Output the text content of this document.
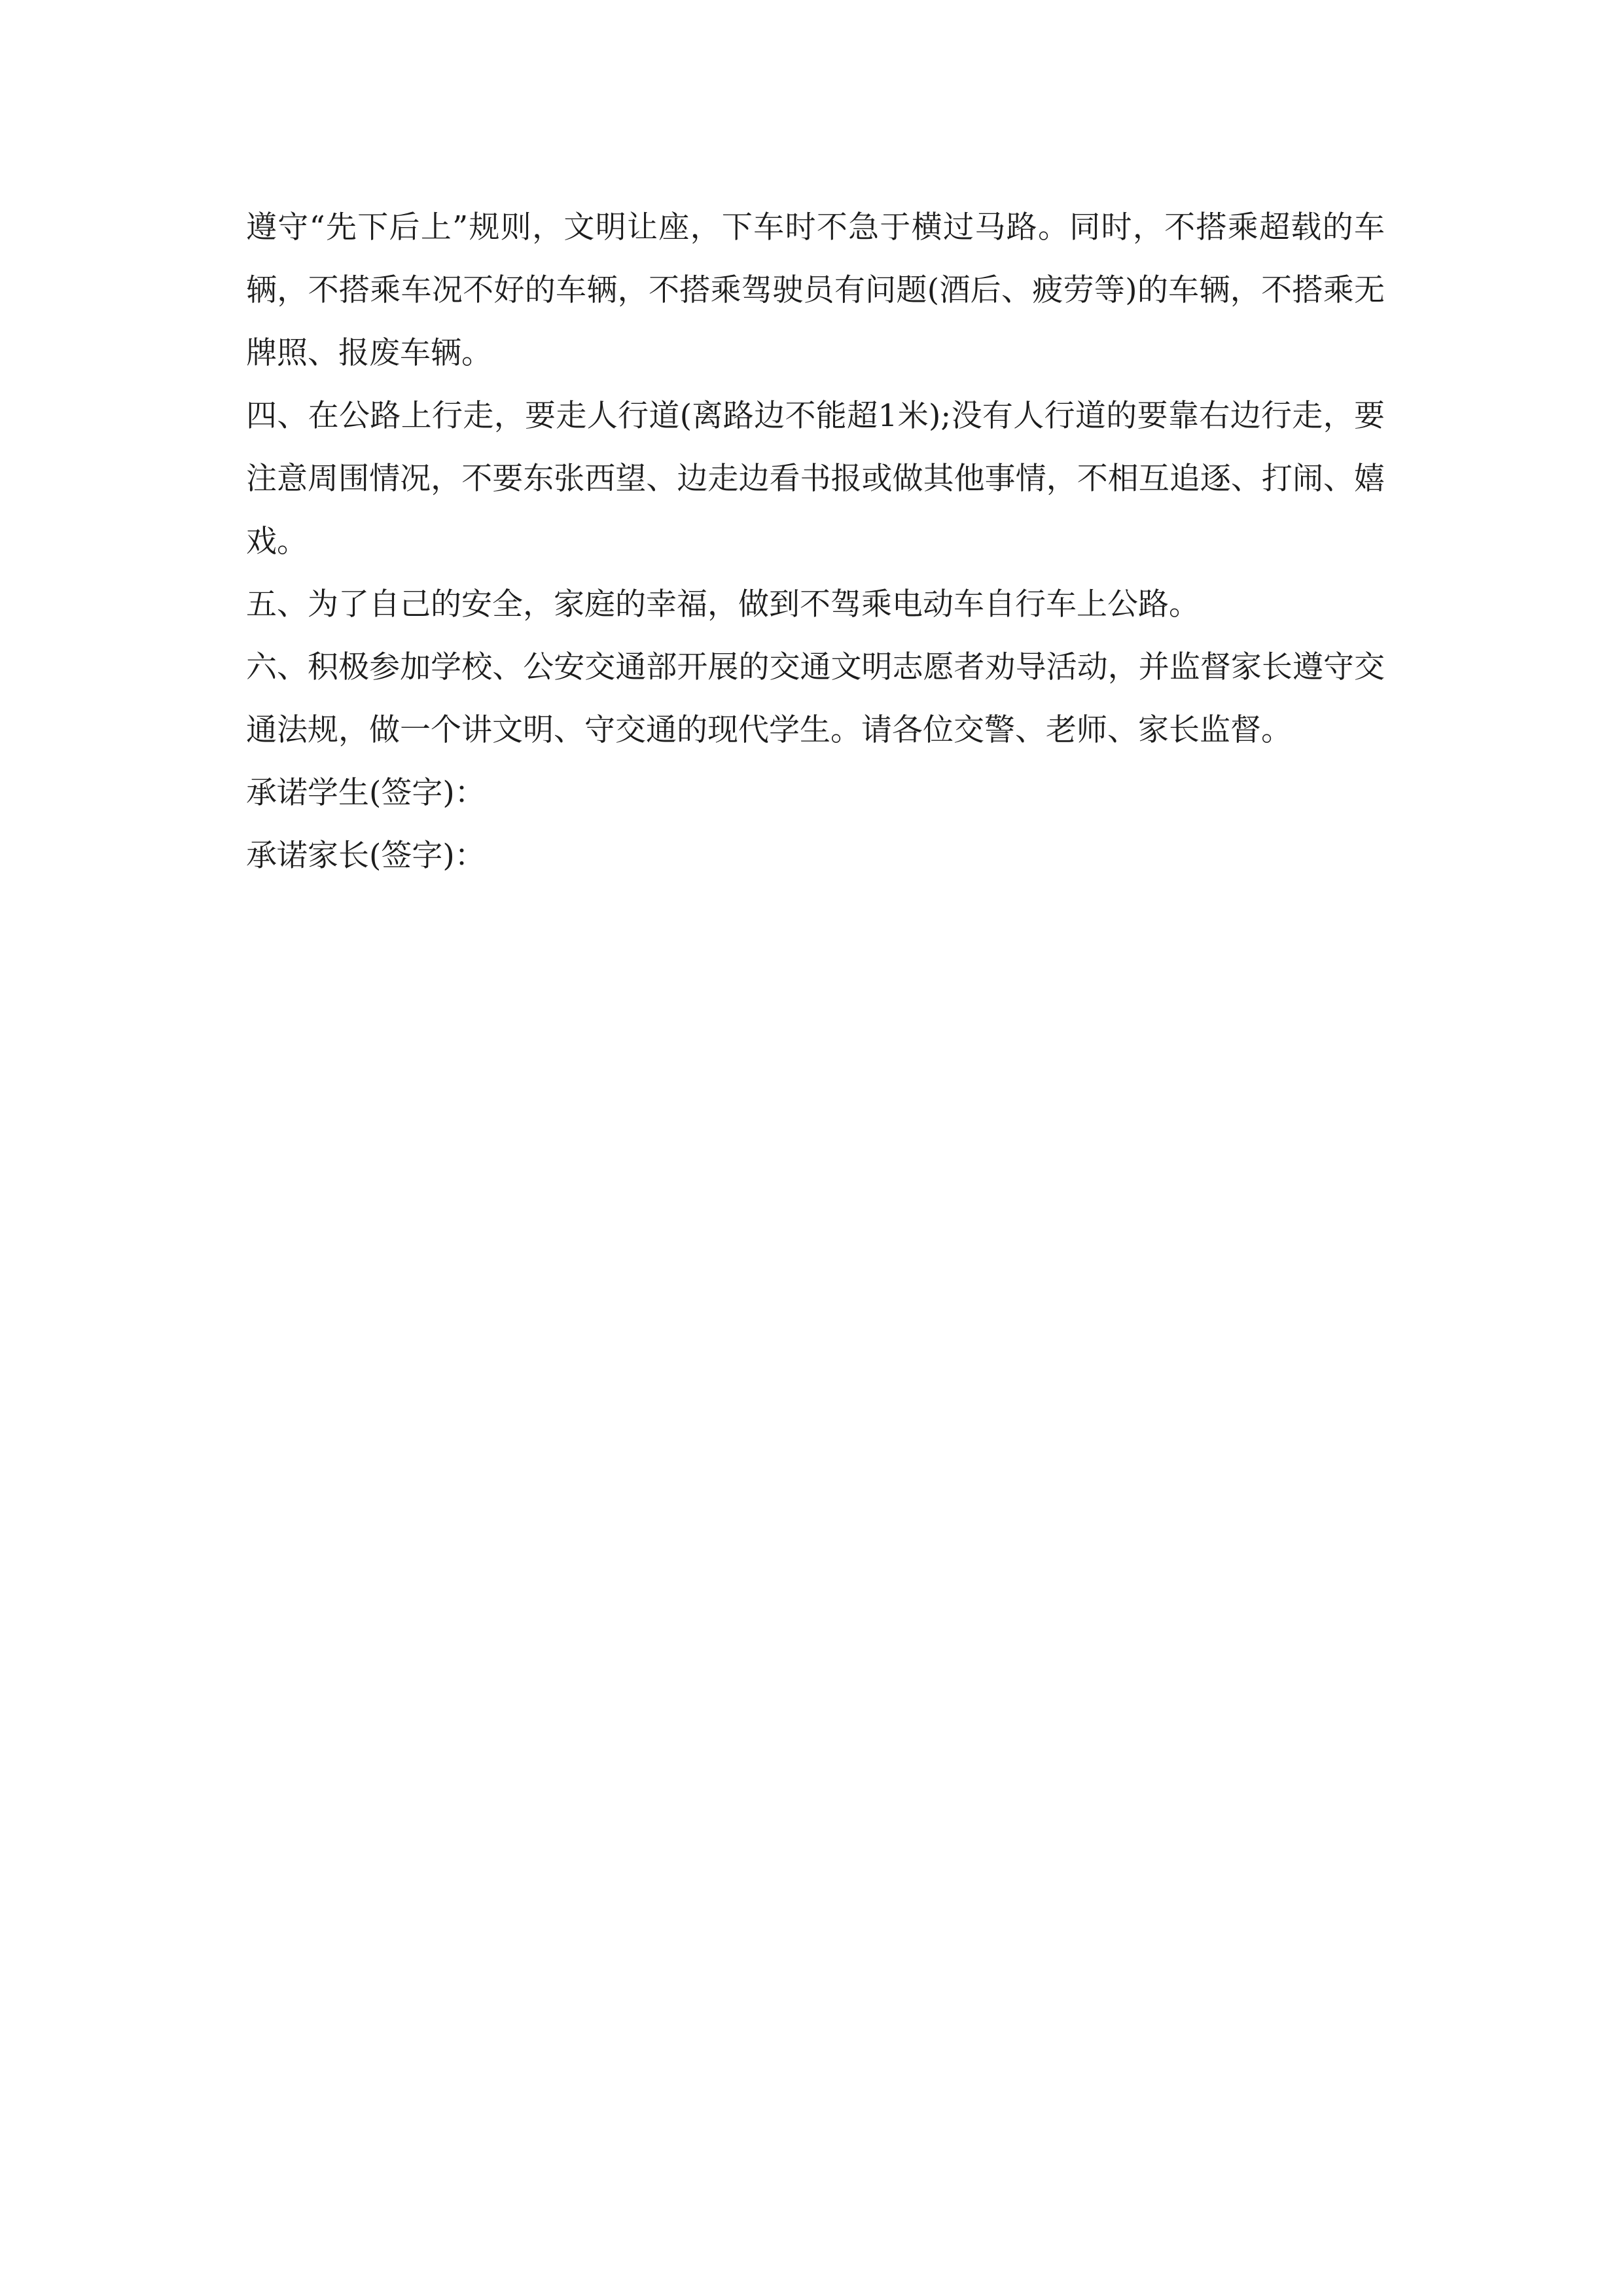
遵守“先下后上”规则，文明让座，下车时不急于横过马路。同时，不搭乘超载的车辆，不搭乘车况不好的车辆，不搭乘驾驶员有问题(酒后、疲劳等)的车辆，不搭乘无牌照、报废车辆。

四、在公路上行走，要走人行道(离路边不能超1米);没有人行道的要靠右边行走，要注意周围情况，不要东张西望、边走边看书报或做其他事情，不相互追逐、打闹、嬉戏。

五、为了自己的安全，家庭的幸福，做到不驾乘电动车自行车上公路。

六、积极参加学校、公安交通部开展的交通文明志愿者劝导活动，并监督家长遵守交通法规，做一个讲文明、守交通的现代学生。请各位交警、老师、家长监督。

承诺学生(签字)：

承诺家长(签字)：
